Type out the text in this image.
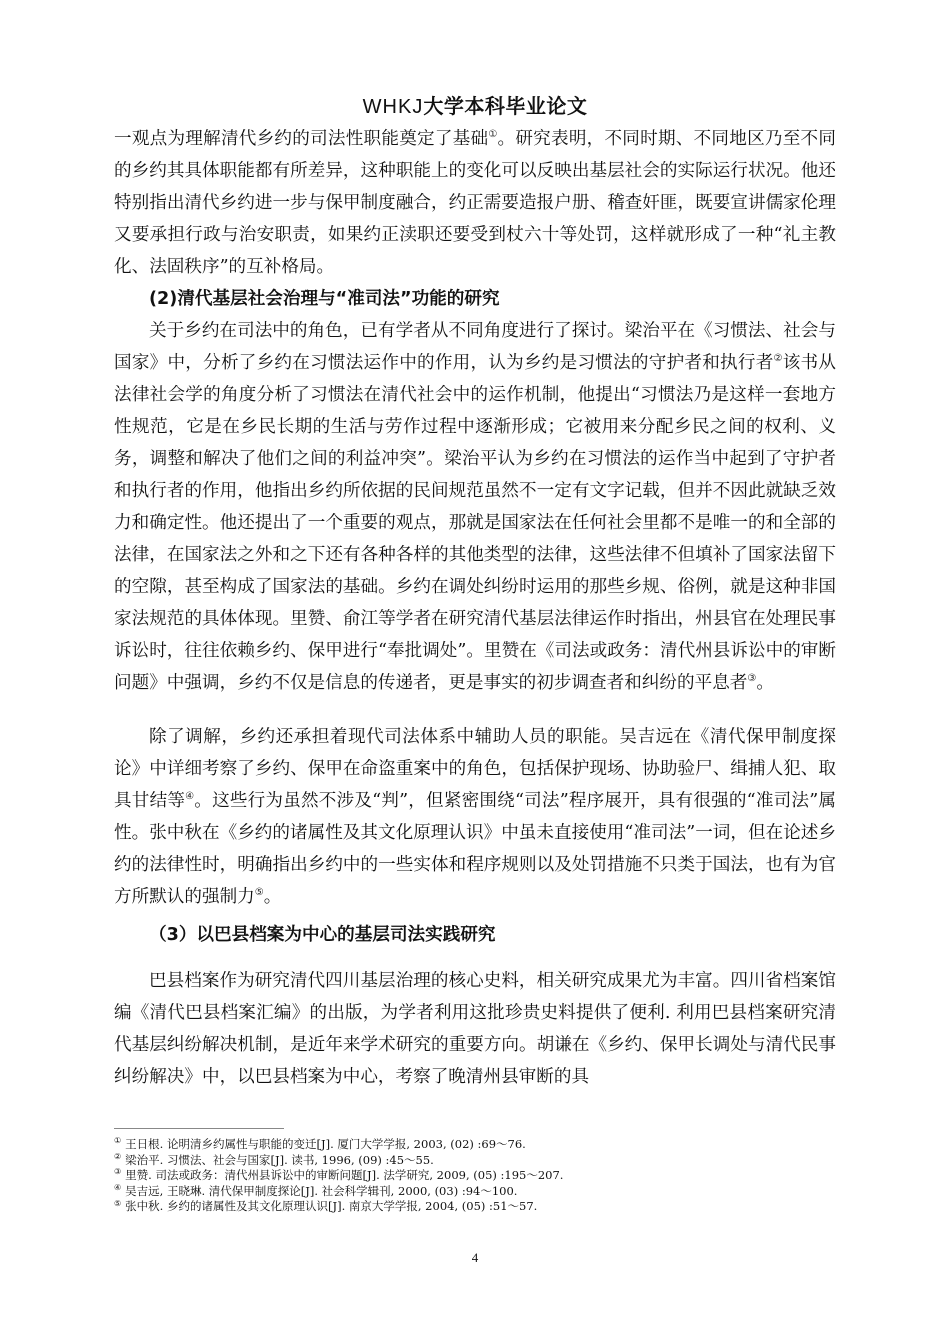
WHKJ大学本科毕业论文

一观点为理解清代乡约的司法性职能奠定了基础①。研究表明，不同时期、不同地区乃至不同的乡约其具体职能都有所差异，这种职能上的变化可以反映出基层社会的实际运行状况。他还特别指出清代乡约进一步与保甲制度融合，约正需要造报户册、稽查奸匪，既要宣讲儒家伦理又要承担行政与治安职责，如果约正渎职还要受到杖六十等处罚，这样就形成了一种“礼主教化、法固秩序”的互补格局。

(2)清代基层社会治理与“准司法”功能的研究

关于乡约在司法中的角色，已有学者从不同角度进行了探讨。梁治平在《习惯法、社会与国家》中，分析了乡约在习惯法运作中的作用，认为乡约是习惯法的守护者和执行者②该书从法律社会学的角度分析了习惯法在清代社会中的运作机制，他提出“习惯法乃是这样一套地方性规范，它是在乡民长期的生活与劳作过程中逐渐形成；它被用来分配乡民之间的权利、义务，调整和解决了他们之间的利益冲突”。梁治平认为乡约在习惯法的运作当中起到了守护者和执行者的作用，他指出乡约所依据的民间规范虽然不一定有文字记载，但并不因此就缺乏效力和确定性。他还提出了一个重要的观点，那就是国家法在任何社会里都不是唯一的和全部的法律，在国家法之外和之下还有各种各样的其他类型的法律，这些法律不但填补了国家法留下的空隙，甚至构成了国家法的基础。乡约在调处纠纷时运用的那些乡规、俗例，就是这种非国家法规范的具体体现。里赞、俞江等学者在研究清代基层法律运作时指出，州县官在处理民事诉讼时，往往依赖乡约、保甲进行“奉批调处”。里赞在《司法或政务：清代州县诉讼中的审断问题》中强调，乡约不仅是信息的传递者，更是事实的初步调查者和纠纷的平息者③。

除了调解，乡约还承担着现代司法体系中辅助人员的职能。吴吉远在《清代保甲制度探论》中详细考察了乡约、保甲在命盗重案中的角色，包括保护现场、协助验尸、缉捕人犯、取具甘结等④。这些行为虽然不涉及“判”，但紧密围绕“司法”程序展开，具有很强的“准司法”属性。张中秋在《乡约的诸属性及其文化原理认识》中虽未直接使用“准司法”一词，但在论述乡约的法律性时，明确指出乡约中的一些实体和程序规则以及处罚措施不只类于国法，也有为官方所默认的强制力⑤。

（3）以巴县档案为中心的基层司法实践研究

巴县档案作为研究清代四川基层治理的核心史料，相关研究成果尤为丰富。四川省档案馆编《清代巴县档案汇编》的出版，为学者利用这批珍贵史料提供了便利. 利用巴县档案研究清代基层纠纷解决机制，是近年来学术研究的重要方向。胡谦在《乡约、保甲长调处与清代民事纠纷解决》中，以巴县档案为中心，考察了晚清州县审断的具

① 王日根. 论明清乡约属性与职能的变迁[J]. 厦门大学学报, 2003, (02) :69～76.

② 梁治平. 习惯法、社会与国家[J]. 读书, 1996, (09) :45～55.

③ 里赞. 司法或政务：清代州县诉讼中的审断问题[J]. 法学研究, 2009, (05) :195～207.

④ 吴吉远, 王晓琳. 清代保甲制度探论[J]. 社会科学辑刊, 2000, (03) :94～100.

⑤ 张中秋. 乡约的诸属性及其文化原理认识[J]. 南京大学学报, 2004, (05) :51～57.

4
